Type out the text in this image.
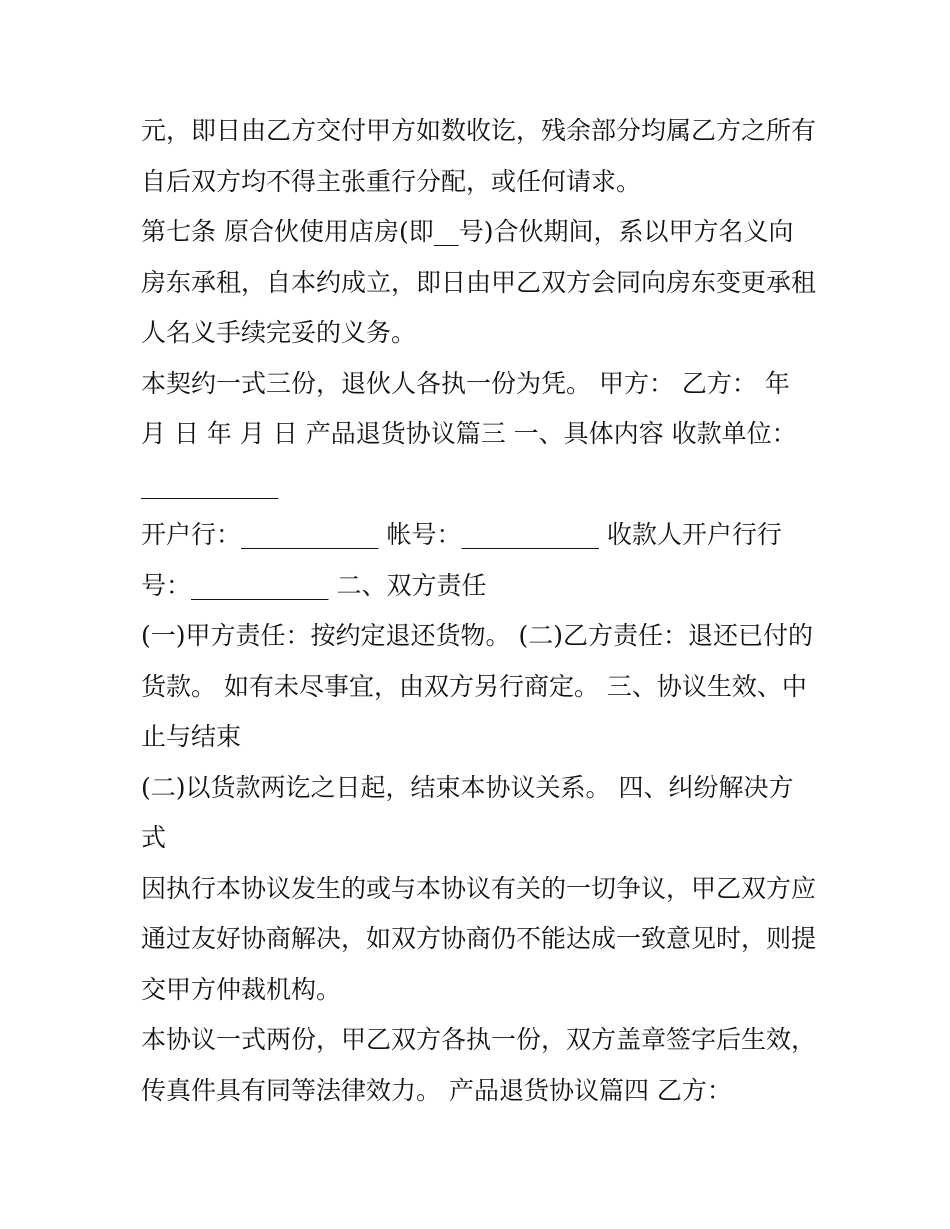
元，即日由乙方交付甲方如数收讫，残余部分均属乙方之所有
自后双方均不得主张重行分配，或任何请求。
第七条 原合伙使用店房(即__号)合伙期间，系以甲方名义向
房东承租，自本约成立，即日由甲乙双方会同向房东变更承租
人名义手续完妥的义务。
本契约一式三份，退伙人各执一份为凭。 甲方： 乙方： 年
月 日 年 月 日 产品退货协议篇三 一、具体内容 收款单位：
___________
开户行：___________ 帐号：___________ 收款人开户行行
号：___________ 二、双方责任
(一)甲方责任：按约定退还货物。 (二)乙方责任：退还已付的
货款。 如有未尽事宜，由双方另行商定。 三、协议生效、中
止与结束
(二)以货款两讫之日起，结束本协议关系。 四、纠纷解决方
式
因执行本协议发生的或与本协议有关的一切争议，甲乙双方应
通过友好协商解决，如双方协商仍不能达成一致意见时，则提
交甲方仲裁机构。
本协议一式两份，甲乙双方各执一份，双方盖章签字后生效，
传真件具有同等法律效力。 产品退货协议篇四 乙方：
